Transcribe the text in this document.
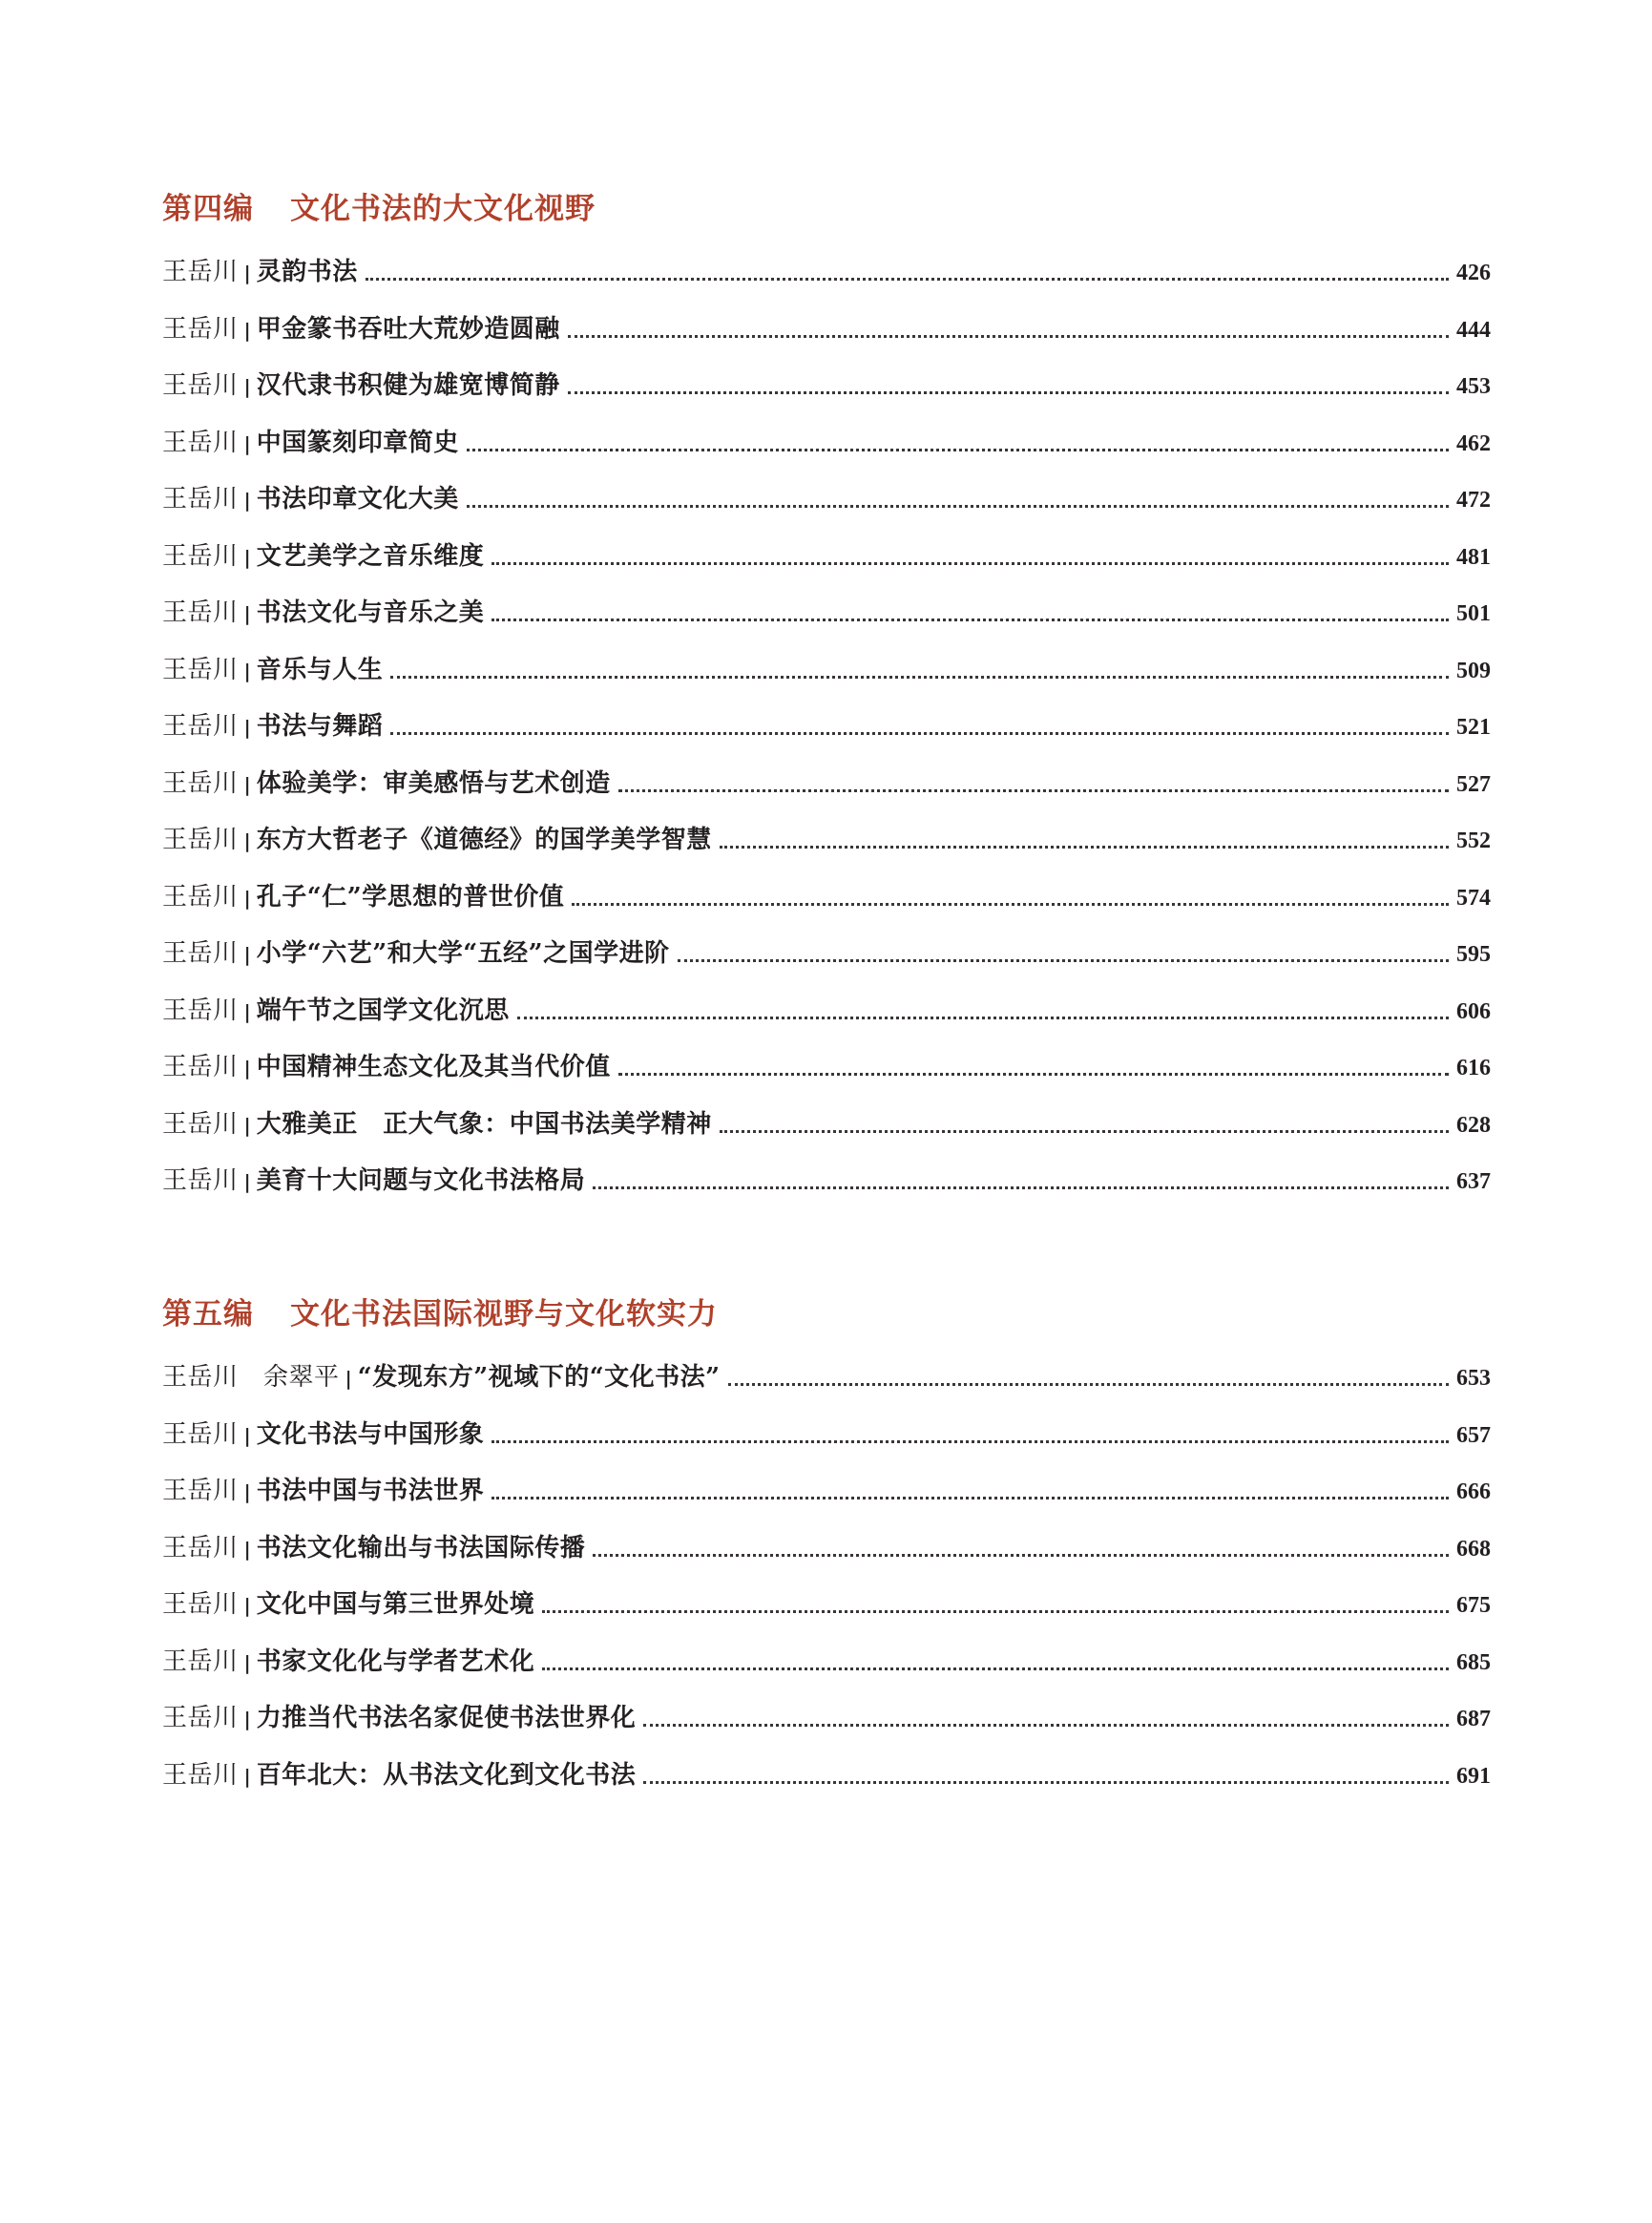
第四编 文化书法的大文化视野
王岳川 | 灵韵书法	426
王岳川 | 甲金篆书吞吐大荒妙造圆融	444
王岳川 | 汉代隶书积健为雄宽博简静	453
王岳川 | 中国篆刻印章简史	462
王岳川 | 书法印章文化大美	472
王岳川 | 文艺美学之音乐维度	481
王岳川 | 书法文化与音乐之美	501
王岳川 | 音乐与人生	509
王岳川 | 书法与舞蹈	521
王岳川 | 体验美学：审美感悟与艺术创造	527
王岳川 | 东方大哲老子《道德经》的国学美学智慧	552
王岳川 | 孔子“仁”学思想的普世价值	574
王岳川 | 小学“六艺”和大学“五经”之国学进阶	595
王岳川 | 端午节之国学文化沉思	606
王岳川 | 中国精神生态文化及其当代价值	616
王岳川 | 大雅美正　正大气象：中国书法美学精神	628
王岳川 | 美育十大问题与文化书法格局	637
第五编 文化书法国际视野与文化软实力
王岳川　余翠平 | “发现东方”视域下的“文化书法”	653
王岳川 | 文化书法与中国形象	657
王岳川 | 书法中国与书法世界	666
王岳川 | 书法文化输出与书法国际传播	668
王岳川 | 文化中国与第三世界处境	675
王岳川 | 书家文化化与学者艺术化	685
王岳川 | 力推当代书法名家促使书法世界化	687
王岳川 | 百年北大：从书法文化到文化书法	691
